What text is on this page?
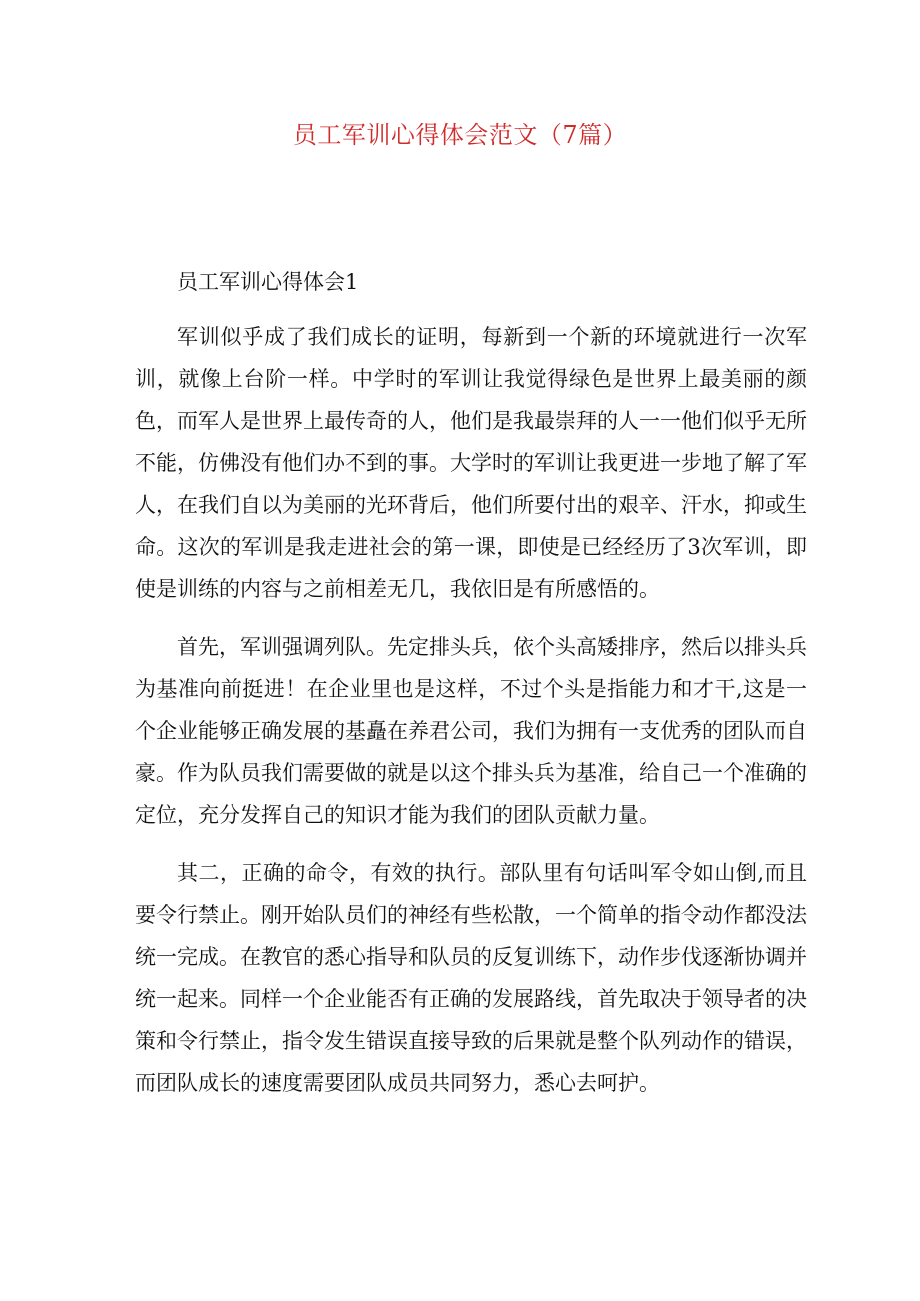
员工军训心得体会范文（7篇）

员工军训心得体会1

军训似乎成了我们成长的证明，每新到一个新的环境就进行一次军训，就像上台阶一样。中学时的军训让我觉得绿色是世界上最美丽的颜色，而军人是世界上最传奇的人，他们是我最崇拜的人一一他们似乎无所不能，仿佛没有他们办不到的事。大学时的军训让我更进一步地了解了军人，在我们自以为美丽的光环背后，他们所要付出的艰辛、汗水，抑或生命。这次的军训是我走进社会的第一课，即使是已经经历了3次军训，即使是训练的内容与之前相差无几，我依旧是有所感悟的。

首先，军训强调列队。先定排头兵，依个头高矮排序，然后以排头兵为基准向前挺进！在企业里也是这样，不过个头是指能力和才干,这是一个企业能够正确发展的基矗在养君公司，我们为拥有一支优秀的团队而自豪。作为队员我们需要做的就是以这个排头兵为基准，给自己一个准确的定位，充分发挥自己的知识才能为我们的团队贡献力量。

其二，正确的命令，有效的执行。部队里有句话叫军令如山倒,而且要令行禁止。刚开始队员们的神经有些松散，一个简单的指令动作都没法统一完成。在教官的悉心指导和队员的反复训练下，动作步伐逐渐协调并统一起来。同样一个企业能否有正确的发展路线，首先取决于领导者的决策和令行禁止，指令发生错误直接导致的后果就是整个队列动作的错误，而团队成长的速度需要团队成员共同努力，悉心去呵护。
